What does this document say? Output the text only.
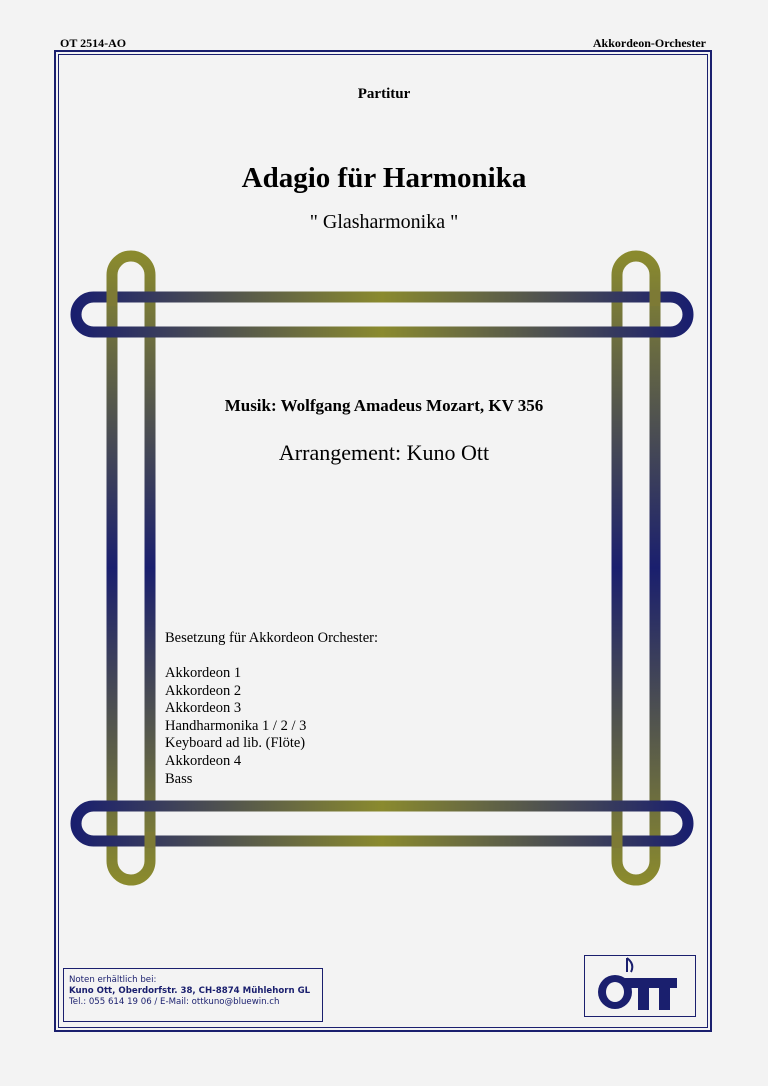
OT 2514-AO	Akkordeon-Orchester
Partitur
Adagio für Harmonika
" Glasharmonika "
Musik: Wolfgang Amadeus Mozart, KV 356
Arrangement: Kuno Ott
Besetzung für Akkordeon Orchester:
Akkordeon 1
Akkordeon 2
Akkordeon 3
Handharmonika 1 / 2 / 3
Keyboard ad lib. (Flöte)
Akkordeon 4
Bass
Noten erhältlich bei:
Kuno Ott, Oberdorfstr. 38, CH-8874 Mühlehorn GL
Tel.: 055 614 19 06 / E-Mail: ottkuno@bluewin.ch
OTT
